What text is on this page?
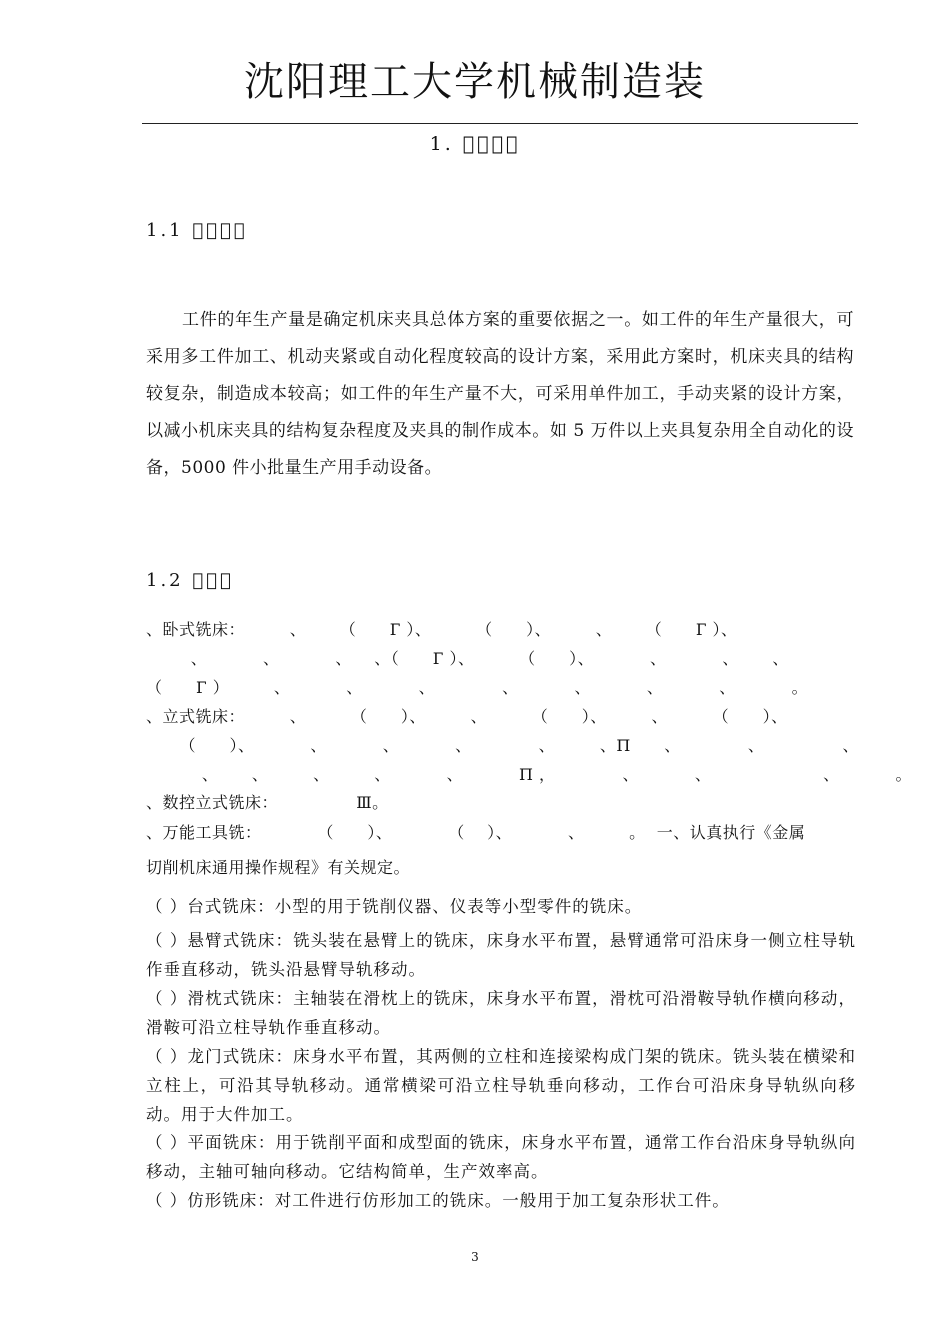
沈阳理工大学机械制造装
1. 􀀀􀀀􀀀􀀀
1.1 􀀀􀀀􀀀􀀀
工件的年生产量是确定机床夹具总体方案的重要依据之一。如工件的年生产量很大，可采用多工件加工、机动夹紧或自动化程度较高的设计方案，采用此方案时，机床夹具的结构较复杂，制造成本较高；如工件的年生产量不大，可采用单件加工，手动夹紧的设计方案，以减小机床夹具的结构复杂程度及夹具的制作成本。如 5 万件以上夹具复杂用全自动化的设备，5000 件小批量生产用手动设备。
1.2 􀀀􀀀􀀀
、卧式铣床：        、      （      Г ）、        （      ）、        、      （      Г ）、
、          、          、    、（      Г ）、        （      ）、          、          、      、
（      Г ）        、          、          、            、          、          、          、          。
、立式铣床：        、        （      ）、        、        （      ）、        、        （      ）、
（      ）、          、          、          、            、        、П      、            、              、
、      、        、        、          、          П ，            、          、                    、          。
、数控立式铣床：              Ⅲ。
、万能工具铣：          （      ）、          （    ）、          、        。  一、认真执行《金属
切削机床通用操作规程》有关规定。
（ ）台式铣床：小型的用于铣削仪器、仪表等小型零件的铣床。
（ ）悬臂式铣床：铣头装在悬臂上的铣床，床身水平布置，悬臂通常可沿床身一侧立柱导轨作垂直移动，铣头沿悬臂导轨移动。
（ ）滑枕式铣床：主轴装在滑枕上的铣床，床身水平布置，滑枕可沿滑鞍导轨作横向移动，滑鞍可沿立柱导轨作垂直移动。
（ ）龙门式铣床：床身水平布置，其两侧的立柱和连接梁构成门架的铣床。铣头装在横梁和立柱上，可沿其导轨移动。通常横梁可沿立柱导轨垂向移动，工作台可沿床身导轨纵向移动。用于大件加工。
（ ）平面铣床：用于铣削平面和成型面的铣床，床身水平布置，通常工作台沿床身导轨纵向移动，主轴可轴向移动。它结构简单，生产效率高。
（ ）仿形铣床：对工件进行仿形加工的铣床。一般用于加工复杂形状工件。
3
